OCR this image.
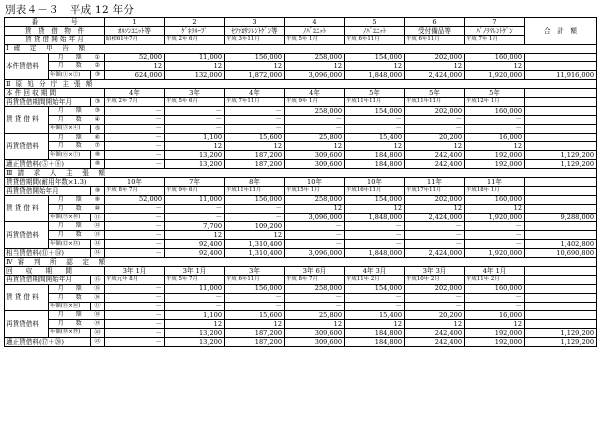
別表４－３　平成 12 年分
番　　　　　号			1	2	3	4	5	6	7	合　計　額
賃　貸　借　物　件			ｵﾙｿﾝﾕﾆｯﾄ等	ｹﾞﾈﾗﾙｰﾌﾟ	ｾﾌｧﾛｻｼﾚﾝﾄｹﾞﾝ等	ﾉﾊﾞﾕﾆｯﾄ	ﾉﾊﾞﾕﾆｯﾄ	受付備品等	ﾊﾟﾉﾗﾏﾚﾝﾄｹﾞﾝ	
賃 貸 借 開 始 年 月			昭和61年7月	平成 2年 6月	平成 3年11月	平成 5年 1月	平成 6年11月	平成 6年11月	平成 7年 1月	
Ⅰ 確　定　申　告　額										
本件賃借料	月　　額	①	52,000	11,000	156,000	258,000	154,000	202,000	160,000	
	月　　数	②	12	12	12	12	12	12	12	
	年額(①×②)	③	624,000	132,000	1,872,000	3,096,000	1,848,000	2,424,000	1,920,000	11,916,000
Ⅱ 原 処 分 庁 主 張 額										
本 件 回 収 期 間			4年	3年	4年	4年	5年	5年	5年	
再賃貸借期間開始年月		③	平成 2年 7月	平成 5年 6月	平成 7年11月	平成 9年 1月	平成11年11月	平成11年11月	平成12年 1月	
賃 貸 借 料	月　　額	③	－	－	－	258,000	154,000	202,000	160,000	
	月　　数	④	－	－	－	－	－	－	－	
	年額(③×④)	⑤	－	－	－	－	－	－	－	
再賃貸借料	月　　額	⑥	－	1,100	15,600	25,800	15,400	20,200	16,000	
	月　　数	⑦	－	12	12	12	12	12	12	
	年額(⑥×⑦)	⑧	－	13,200	187,200	309,600	184,800	242,400	192,000	1,129,200
適正賃借料(⑤＋⑧)		⑧	－	13,200	187,200	309,600	184,800	242,400	192,000	1,129,200
Ⅲ 請　求　人　主　張　額										
賃貸借期間(耐用年数×1.3)			10年	7年	8年	10年	10年	11年	11年	
再賃貸借開始年月		⑨	平成 8年 7月	平成 9年 6月	平成11年11月	平成15年 1月	平成16年11月	平成17年11月	平成18年 1月	
賃 貸 借 料	月　　額	⑨	52,000	11,000	156,000	258,000	154,000	202,000	160,000	
	月　　数	⑩	－	－	－	12	12	12	12	
	年額(⑨×⑩)	⑪	－	－	－	3,096,000	1,848,000	2,424,000	1,920,000	9,288,000
再賃貸借料	月　　額	⑫	－	7,700	109,200	－	－	－	－	
	月　　数	⑬	－	12	12	－	－	－	－	
	年額(⑫×⑬)	⑭	－	92,400	1,310,400	－	－	－	－	1,402,800
相当賃借料(⑪＋⑭)		⑭	－	92,400	1,310,400	3,096,000	1,848,000	2,424,000	1,920,000	10,690,800
Ⅳ 審　判　所　認　定　額										
回　　収　　期　　間			3年 1月	3年 1月	3年	3年 6月	4年 3月	3年 3月	4年 1月	
再賃貸借期間開始年月		⑮	平成元年 8月	平成 5年 7月	平成 6年11月	平成 8年 7月	平成11年 2月	平成10年 2月	平成11年 2月	
賃 貸 借 料	月　　額	⑮	－	11,000	156,000	258,000	154,000	202,000	160,000	
	月　　数	⑯	－	－	－	－	－	－	－	
	年額(⑮×⑯)	⑰	－	－	－	－	－	－	－	
再賃貸借料	月　　額	⑱	－	1,100	15,600	25,800	15,400	20,200	16,000	
	月　　数	⑲	－	12	12	12	12	12	12	
	年額(⑱×⑲)	⑳	－	13,200	187,200	309,600	184,800	242,400	192,000	1,129,200
適正賃借料(⑰＋⑳)		㉑	－	13,200	187,200	309,600	184,800	242,400	192,000	1,129,200
